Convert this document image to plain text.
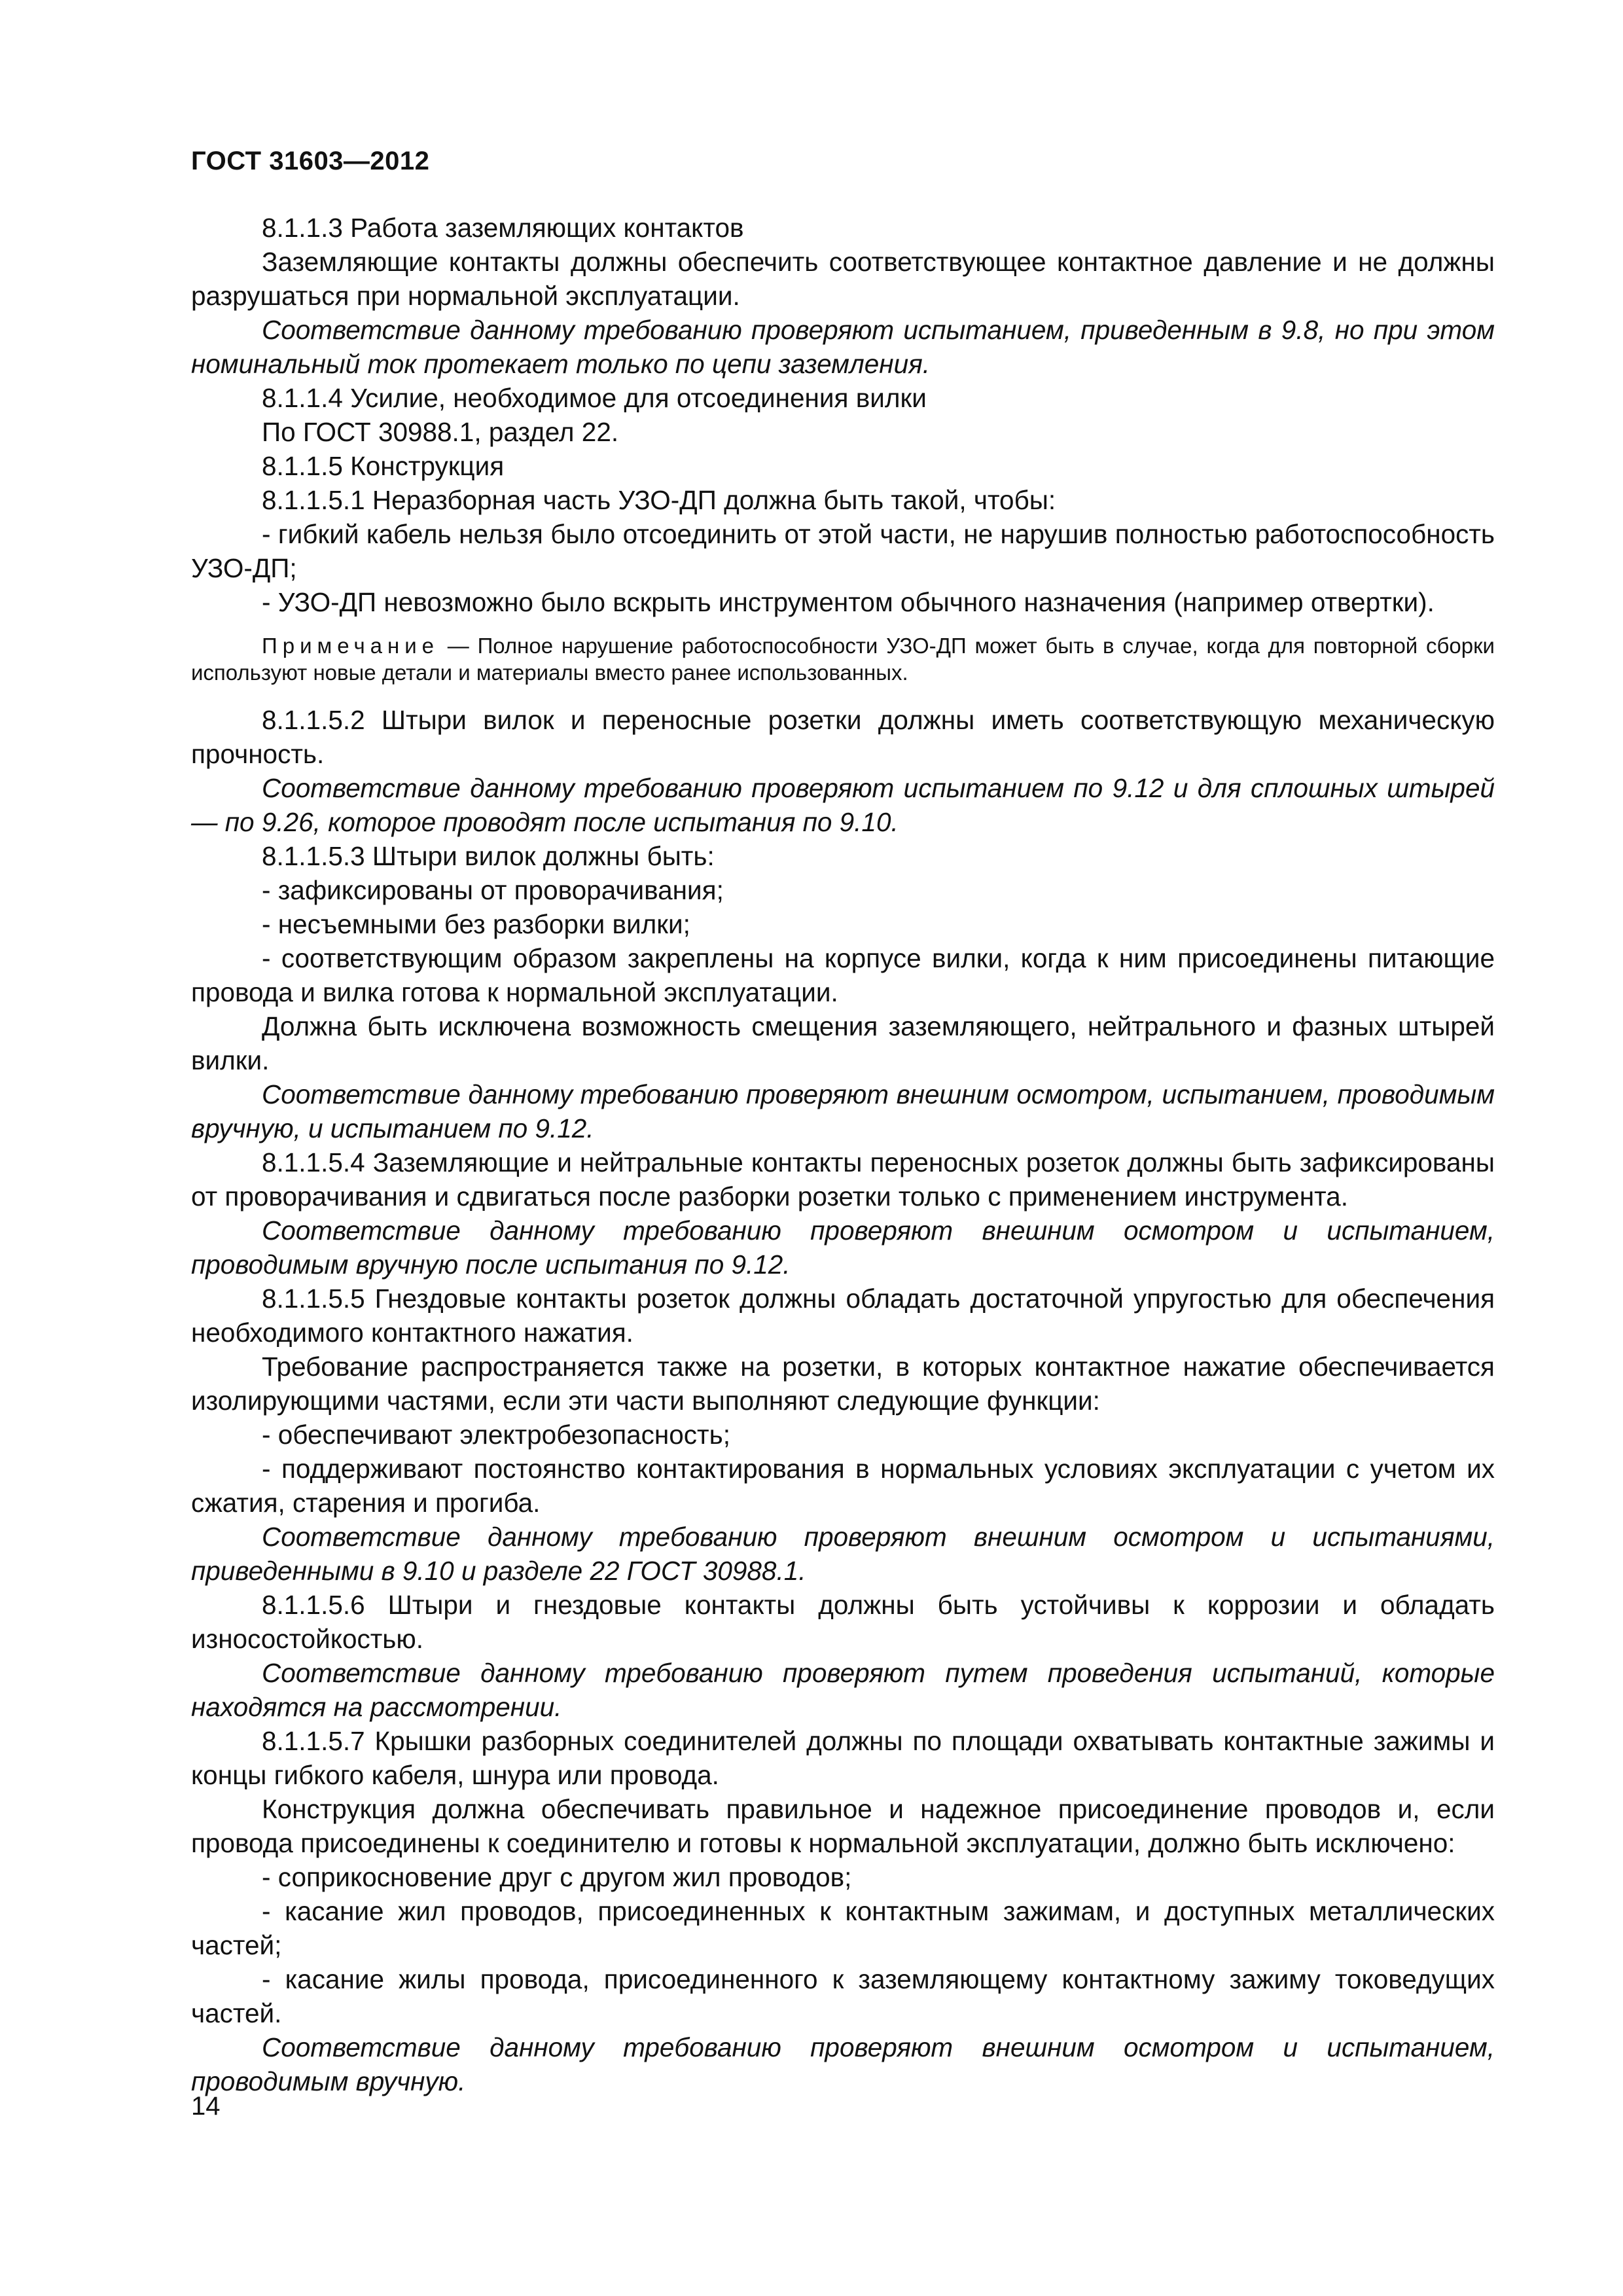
ГОСТ 31603—2012

8.1.1.3 Работа заземляющих контактов

Заземляющие контакты должны обеспечить соответствующее контактное давление и не должны разрушаться при нормальной эксплуатации.

Соответствие данному требованию проверяют испытанием, приведенным в 9.8, но при этом номинальный ток протекает только по цепи заземления.

8.1.1.4 Усилие, необходимое для отсоединения вилки

По ГОСТ 30988.1, раздел 22.

8.1.1.5 Конструкция

8.1.1.5.1 Неразборная часть УЗО-ДП должна быть такой, чтобы:

- гибкий кабель нельзя было отсоединить от этой части, не нарушив полностью работоспособность УЗО-ДП;

- УЗО-ДП невозможно было вскрыть инструментом обычного назначения (например отвертки).

Примечание — Полное нарушение работоспособности УЗО-ДП может быть в случае, когда для повторной сборки используют новые детали и материалы вместо ранее использованных.

8.1.1.5.2 Штыри вилок и переносные розетки должны иметь соответствующую механическую прочность.

Соответствие данному требованию проверяют испытанием по 9.12 и для сплошных штырей — по 9.26, которое проводят после испытания по 9.10.

8.1.1.5.3 Штыри вилок должны быть:

- зафиксированы от проворачивания;

- несъемными без разборки вилки;

- соответствующим образом закреплены на корпусе вилки, когда к ним присоединены питающие провода и вилка готова к нормальной эксплуатации.

Должна быть исключена возможность смещения заземляющего, нейтрального и фазных штырей вилки.

Соответствие данному требованию проверяют внешним осмотром, испытанием, проводимым вручную, и испытанием по 9.12.

8.1.1.5.4 Заземляющие и нейтральные контакты переносных розеток должны быть зафиксированы от проворачивания и сдвигаться после разборки розетки только с применением инструмента.

Соответствие данному требованию проверяют внешним осмотром и испытанием, проводимым вручную после испытания по 9.12.

8.1.1.5.5 Гнездовые контакты розеток должны обладать достаточной упругостью для обеспечения необходимого контактного нажатия.

Требование распространяется также на розетки, в которых контактное нажатие обеспечивается изолирующими частями, если эти части выполняют следующие функции:

- обеспечивают электробезопасность;

- поддерживают постоянство контактирования в нормальных условиях эксплуатации с учетом их сжатия, старения и прогиба.

Соответствие данному требованию проверяют внешним осмотром и испытаниями, приведенными в 9.10 и разделе 22 ГОСТ 30988.1.

8.1.1.5.6 Штыри и гнездовые контакты должны быть устойчивы к коррозии и обладать износостойкостью.

Соответствие данному требованию проверяют путем проведения испытаний, которые находятся на рассмотрении.

8.1.1.5.7 Крышки разборных соединителей должны по площади охватывать контактные зажимы и концы гибкого кабеля, шнура или провода.

Конструкция должна обеспечивать правильное и надежное присоединение проводов и, если провода присоединены к соединителю и готовы к нормальной эксплуатации, должно быть исключено:

- соприкосновение друг с другом жил проводов;

- касание жил проводов, присоединенных к контактным зажимам, и доступных металлических частей;

- касание жилы провода, присоединенного к заземляющему контактному зажиму токоведущих частей.

Соответствие данному требованию проверяют внешним осмотром и испытанием, проводимым вручную.

14
